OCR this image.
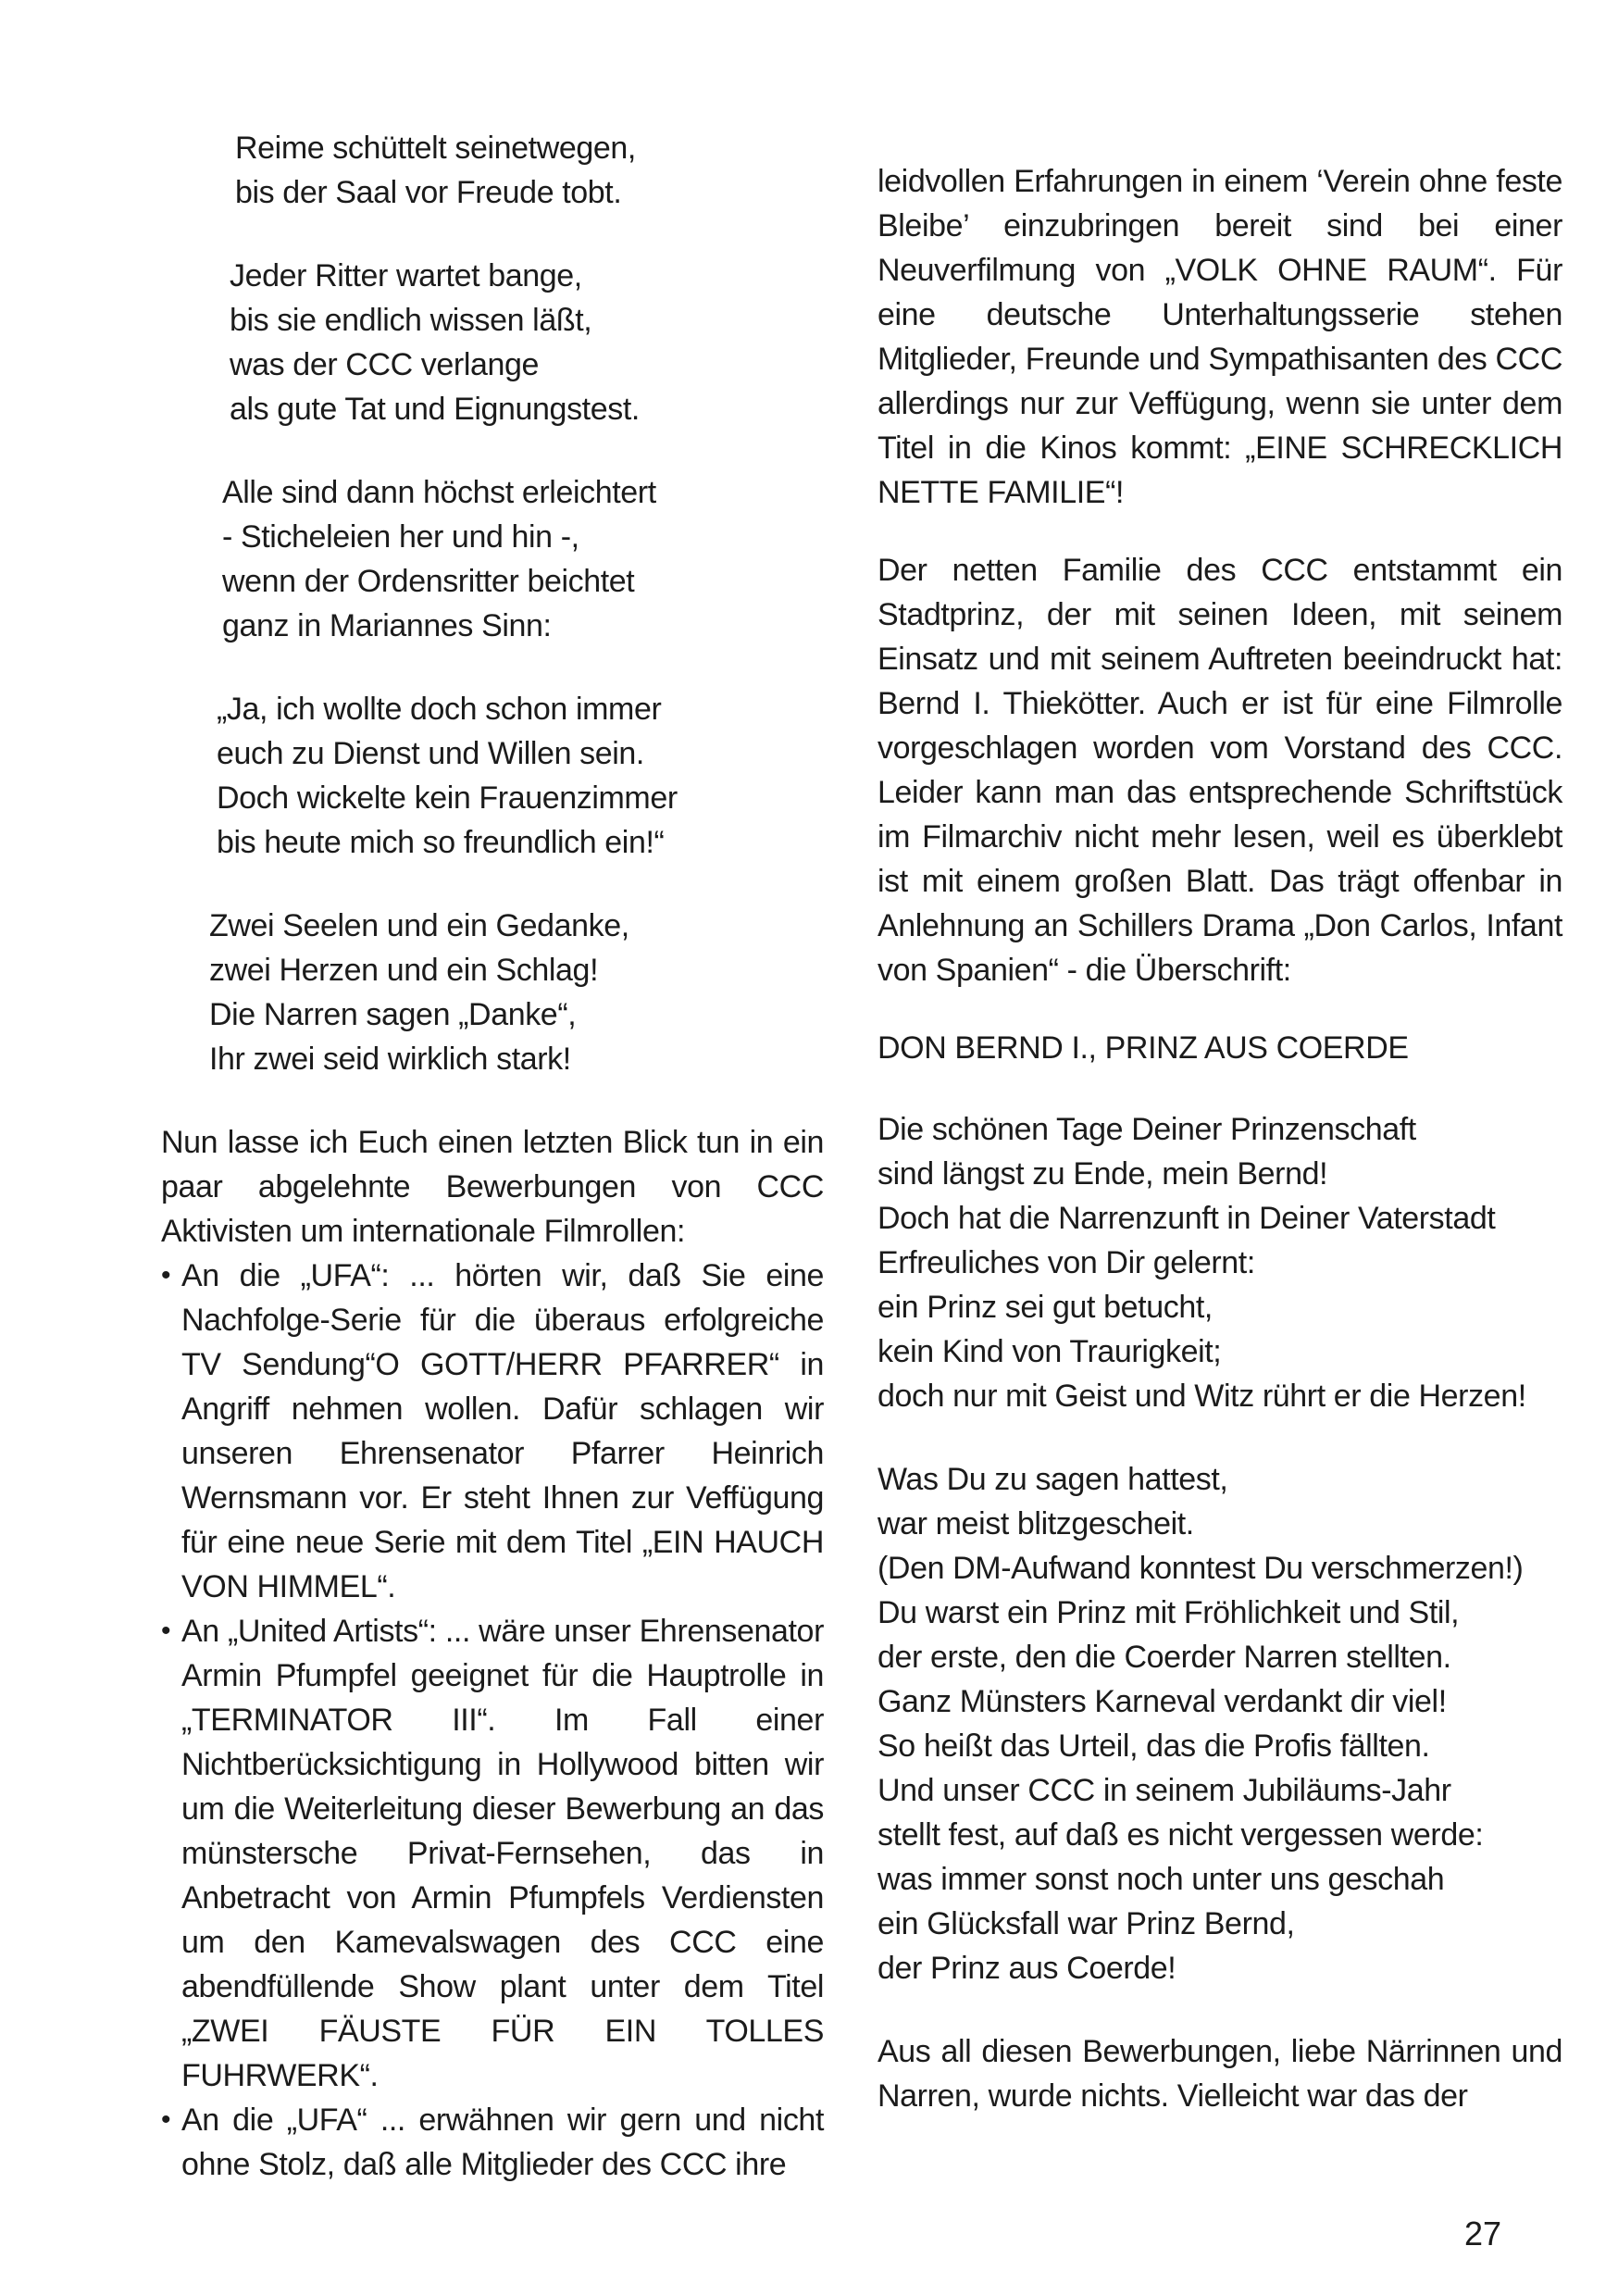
Reime schüttelt seinetwegen,
bis der Saal vor Freude tobt.
Jeder Ritter wartet bange,
bis sie endlich wissen läßt,
was der CCC verlange
als gute Tat und Eignungstest.
Alle sind dann höchst erleichtert
- Sticheleien her und hin -,
wenn der Ordensritter beichtet
ganz in Mariannes Sinn:
„Ja, ich wollte doch schon immer
euch zu Dienst und Willen sein.
Doch wickelte kein Frauenzimmer
bis heute mich so freundlich ein!“
Zwei Seelen und ein Gedanke,
zwei Herzen und ein Schlag!
Die Narren sagen „Danke“,
Ihr zwei seid wirklich stark!
Nun lasse ich Euch einen letzten Blick tun in ein paar abgelehnte Bewerbungen von CCC Aktivisten um internationale Filmrollen:
• An die „UFA“: ... hörten wir, daß Sie eine Nachfolge-Serie für die überaus erfolgreiche TV Sendung“O GOTT/HERR PFARRER“ in Angriff nehmen wollen. Dafür schlagen wir unseren Ehrensenator Pfarrer Heinrich Wernsmann vor. Er steht Ihnen zur Veffügung für eine neue Serie mit dem Titel „EIN HAUCH VON HIMMEL“.
• An „United Artists“: ... wäre unser Ehrensenator Armin Pfumpfel geeignet für die Hauptrolle in „TERMINATOR III“. Im Fall einer Nichtberücksichtigung in Hollywood bitten wir um die Weiterleitung dieser Bewerbung an das münstersche Privat-Fernsehen, das in Anbetracht von Armin Pfumpfels Verdiensten um den Kamevalswagen des CCC eine abendfüllende Show plant unter dem Titel „ZWEI FÄUSTE FÜR EIN TOLLES FUHRWERK“.
• An die „UFA“ ... erwähnen wir gern und nicht ohne Stolz, daß alle Mitglieder des CCC ihre
leidvollen Erfahrungen in einem ‘Verein ohne feste Bleibe’ einzubringen bereit sind bei einer Neuverfilmung von „VOLK OHNE RAUM“. Für eine deutsche Unterhaltungsserie stehen Mitglieder, Freunde und Sympathisanten des CCC allerdings nur zur Veffügung, wenn sie unter dem Titel in die Kinos kommt: „EINE SCHRECKLICH NETTE FAMILIE“!
Der netten Familie des CCC entstammt ein Stadtprinz, der mit seinen Ideen, mit seinem Einsatz und mit seinem Auftreten beeindruckt hat: Bernd I. Thiekötter. Auch er ist für eine Filmrolle vorgeschlagen worden vom Vorstand des CCC. Leider kann man das entsprechende Schriftstück im Filmarchiv nicht mehr lesen, weil es überklebt ist mit einem großen Blatt. Das trägt offenbar in Anlehnung an Schillers Drama „Don Carlos, Infant von Spanien“ - die Überschrift:
DON BERND I., PRINZ AUS COERDE
Die schönen Tage Deiner Prinzenschaft
sind längst zu Ende, mein Bernd!
Doch hat die Narrenzunft in Deiner Vaterstadt
Erfreuliches von Dir gelernt:
ein Prinz sei gut betucht,
kein Kind von Traurigkeit;
doch nur mit Geist und Witz rührt er die Herzen!
Was Du zu sagen hattest,
war meist blitzgescheit.
(Den DM-Aufwand konntest Du verschmerzen!)
Du warst ein Prinz mit Fröhlichkeit und Stil,
der erste, den die Coerder Narren stellten.
Ganz Münsters Karneval verdankt dir viel!
So heißt das Urteil, das die Profis fällten.
Und unser CCC in seinem Jubiläums-Jahr
stellt fest, auf daß es nicht vergessen werde:
was immer sonst noch unter uns geschah
ein Glücksfall war Prinz Bernd,
der Prinz aus Coerde!
Aus all diesen Bewerbungen, liebe Närrinnen und Narren, wurde nichts. Vielleicht war das der
27
